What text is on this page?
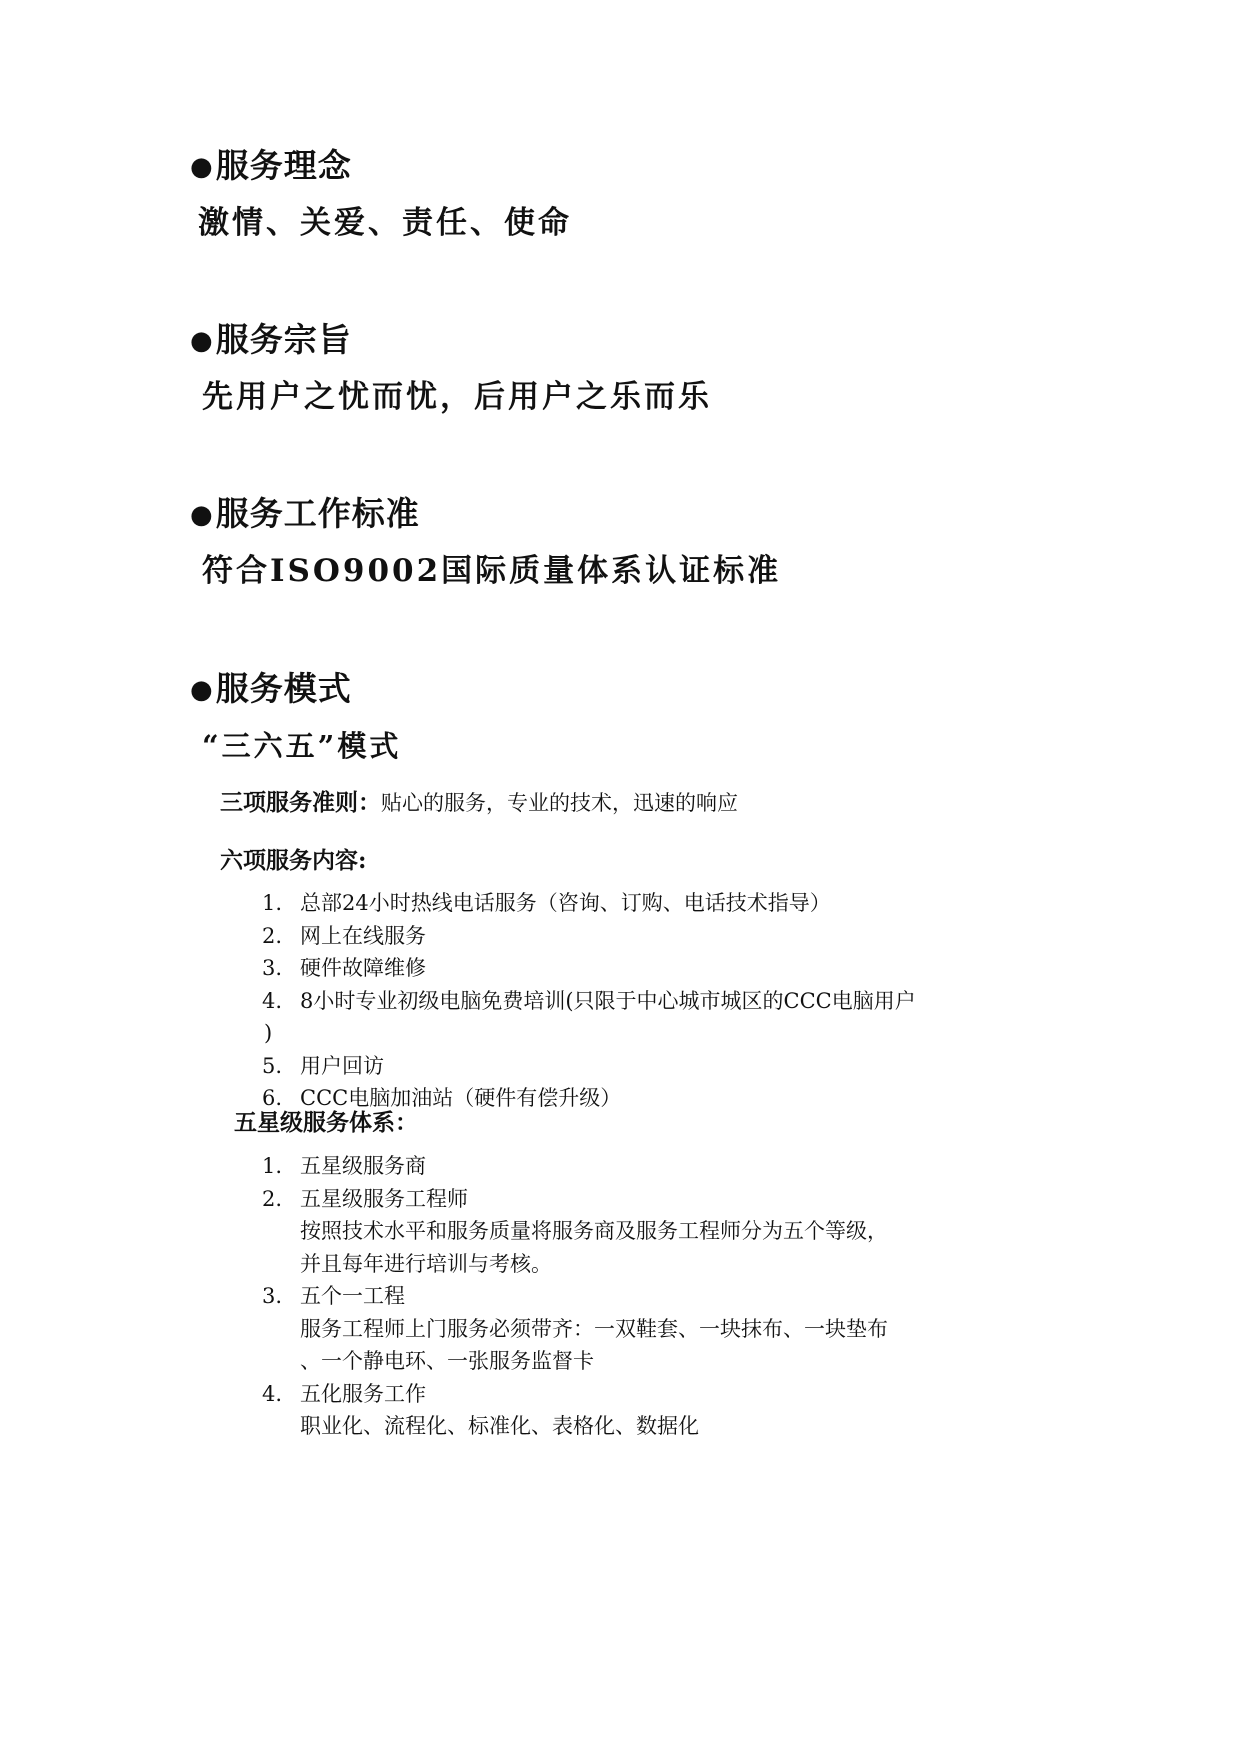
●服务理念
激情、关爱、责任、使命
●服务宗旨
先用户之忧而忧，后用户之乐而乐
●服务工作标准
符合ISO9002国际质量体系认证标准
●服务模式
“三六五”模式
三项服务准则：贴心的服务，专业的技术，迅速的响应
六项服务内容:
1. 总部24小时热线电话服务（咨询、订购、电话技术指导）
2. 网上在线服务
3. 硬件故障维修
4. 8小时专业初级电脑免费培训(只限于中心城市城区的CCC电脑用户
)
5. 用户回访
6. CCC电脑加油站（硬件有偿升级）
五星级服务体系：
1. 五星级服务商
2. 五星级服务工程师
按照技术水平和服务质量将服务商及服务工程师分为五个等级，
并且每年进行培训与考核。
3. 五个一工程
服务工程师上门服务必须带齐：一双鞋套、一块抹布、一块垫布
、一个静电环、一张服务监督卡
4. 五化服务工作
职业化、流程化、标准化、表格化、数据化
